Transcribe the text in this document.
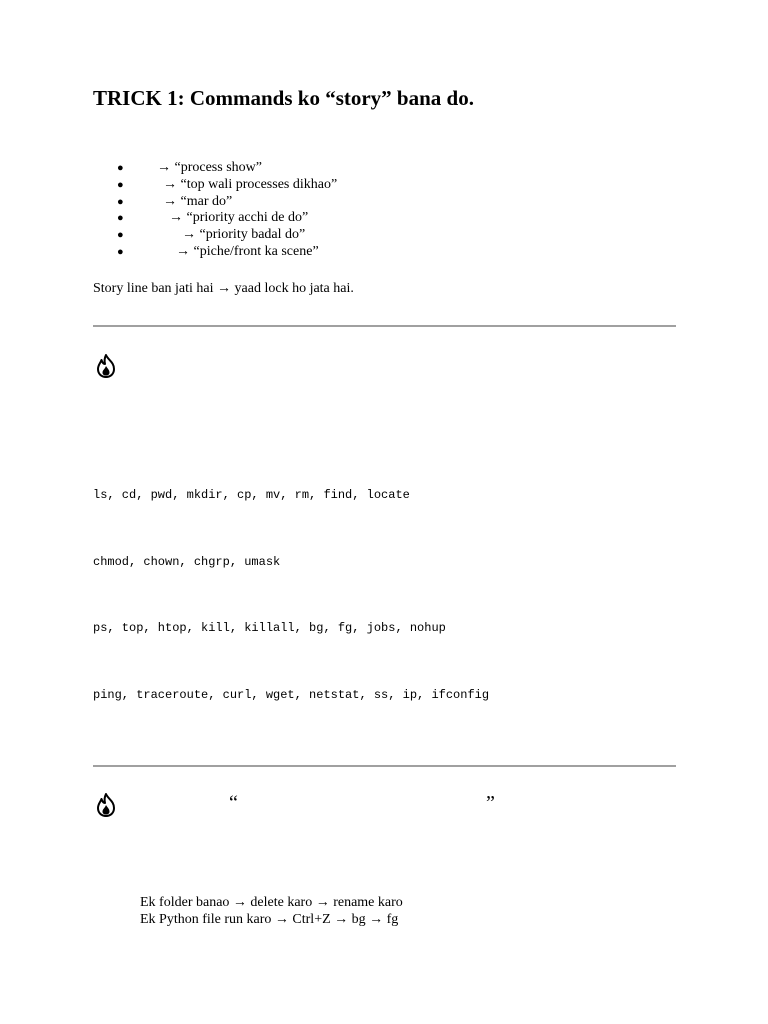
TRICK 1: Commands ko “story” bana do.
● → “process show”
●	→ “top wali processes dikhao”
●	→ “mar do”
●	→ “priority acchi de do”
●	→ “priority badal do”
●	→ “piche/front ka scene”
Story line ban jati hai → yaad lock ho jata hai.
ls, cd, pwd, mkdir, cp, mv, rm, find, locate
chmod, chown, chgrp, umask
ps, top, htop, kill, killall, bg, fg, jobs, nohup
ping, traceroute, curl, wget, netstat, ss, ip, ifconfig
“	”
Ek folder banao → delete karo → rename karo
Ek Python file run karo → Ctrl+Z → bg → fg
